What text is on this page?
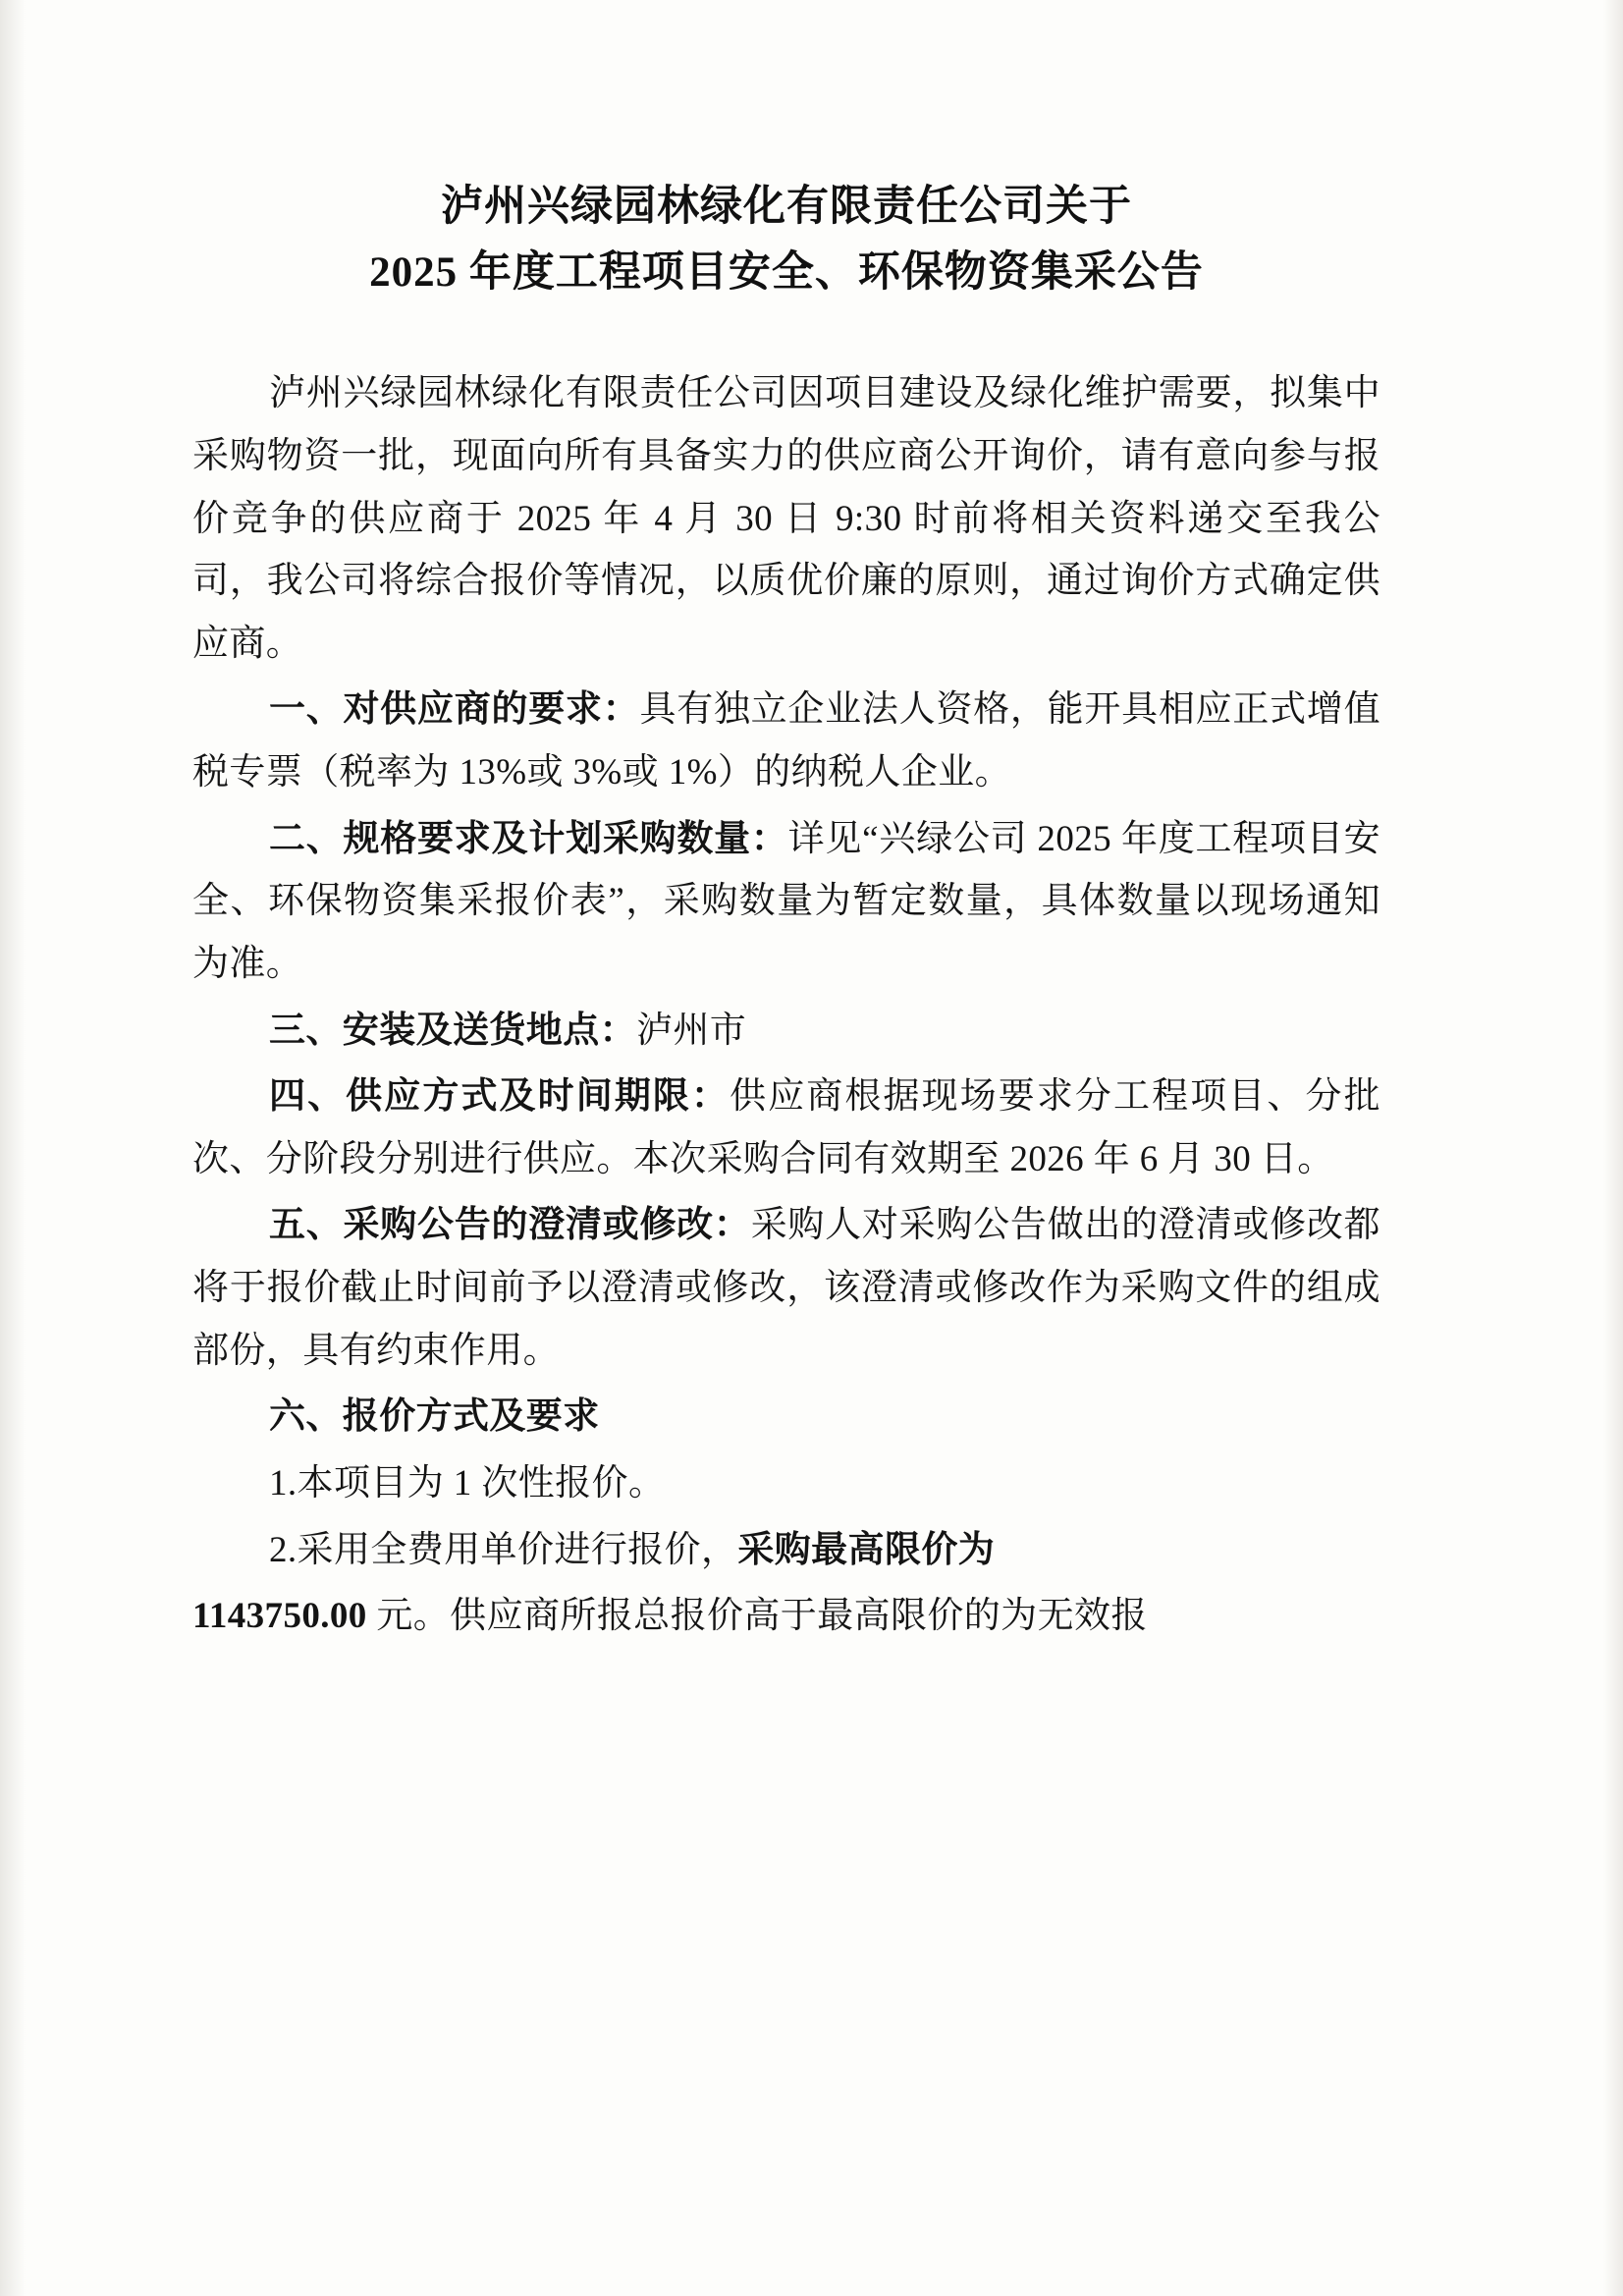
泸州兴绿园林绿化有限责任公司关于
2025 年度工程项目安全、环保物资集采公告

泸州兴绿园林绿化有限责任公司因项目建设及绿化维护需要，拟集中采购物资一批，现面向所有具备实力的供应商公开询价，请有意向参与报价竞争的供应商于 2025 年 4 月 30 日 9:30 时前将相关资料递交至我公司，我公司将综合报价等情况，以质优价廉的原则，通过询价方式确定供应商。

一、对供应商的要求：具有独立企业法人资格，能开具相应正式增值税专票（税率为 13%或 3%或 1%）的纳税人企业。

二、规格要求及计划采购数量：详见“兴绿公司 2025 年度工程项目安全、环保物资集采报价表”，采购数量为暂定数量，具体数量以现场通知为准。

三、安装及送货地点：泸州市

四、供应方式及时间期限：供应商根据现场要求分工程项目、分批次、分阶段分别进行供应。本次采购合同有效期至 2026 年 6 月 30 日。

五、采购公告的澄清或修改：采购人对采购公告做出的澄清或修改都将于报价截止时间前予以澄清或修改，该澄清或修改作为采购文件的组成部份，具有约束作用。

六、报价方式及要求

1.本项目为 1 次性报价。

2.采用全费用单价进行报价，采购最高限价为

1143750.00 元。供应商所报总报价高于最高限价的为无效报
